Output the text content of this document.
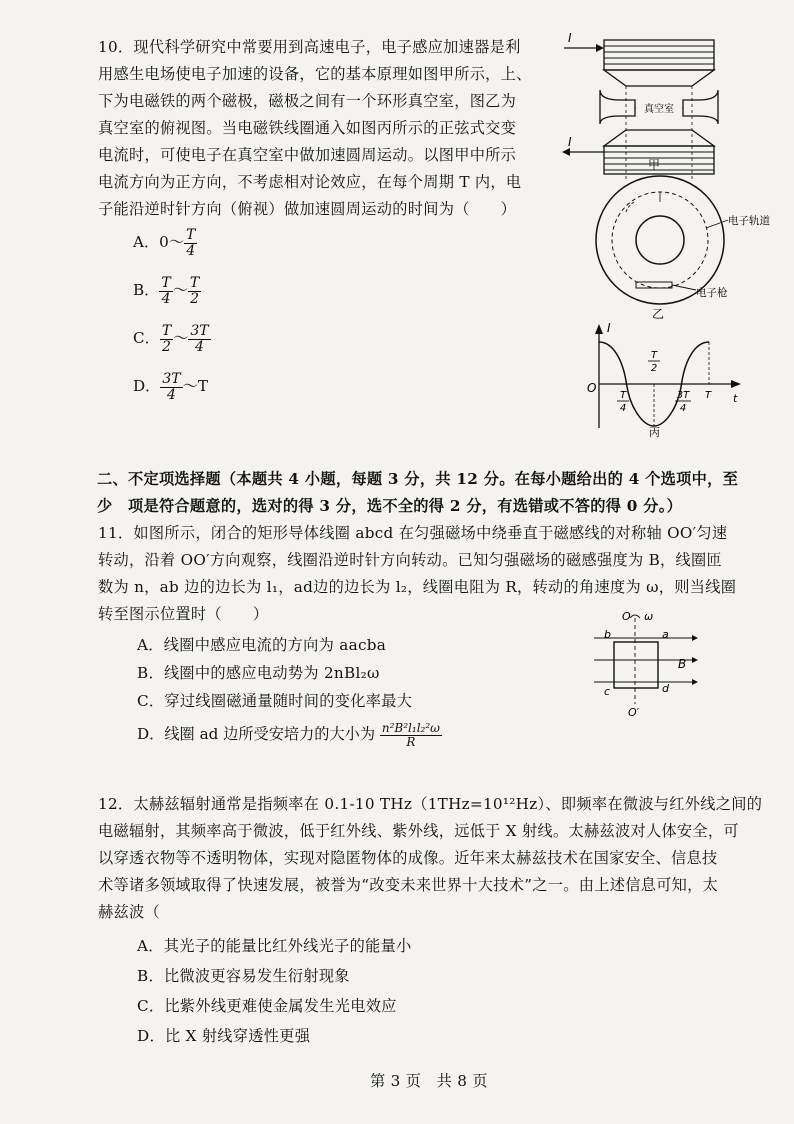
10．现代科学研究中常要用到高速电子，电子感应加速器是利
用感生电场使电子加速的设备，它的基本原理如图甲所示，上、
下为电磁铁的两个磁极，磁极之间有一个环形真空室，图乙为
真空室的俯视图。当电磁铁线圈通入如图丙所示的正弦式交变
电流时，可使电子在真空室中做加速圆周运动。以图甲中所示
电流方向为正方向，不考虑相对论效应，在每个周期 T 内，电
子能沿逆时针方向（俯视）做加速圆周运动的时间为（　　）
A．0～ $\frac{T}{4}$
B． $\frac{T}{4}$ ～ $\frac{T}{2}$
C． $\frac{T}{2}$ ～ $\frac{3T}{4}$
D． $\frac{3T}{4}$ ～T
I
真空室
I
甲
电子轨道
电子枪
乙
I
O
t
T
2
T
4
3T
4
T
丙
二、不定项选择题（本题共 4 小题，每题 3 分，共 12 分。在每小题给出的 4 个选项中，至
少　项是符合题意的，选对的得 3 分，选不全的得 2 分，有选错或不答的得 0 分。）
11．如图所示，闭合的矩形导体线圈 abcd 在匀强磁场中绕垂直于磁感线的对称轴 OO′匀速
转动，沿着 OO′方向观察，线圈沿逆时针方向转动。已知匀强磁场的磁感强度为 B，线圈匝
数为 n，ab 边的边长为 l₁，ad边的边长为 l₂，线圈电阻为 R，转动的角速度为 ω，则当线圈
转至图示位置时（　　）
A．线圈中感应电流的方向为 aacba
B．线圈中的感应电动势为 2nBl₂ω
C．穿过线圈磁通量随时间的变化率最大
D．线圈 ad 边所受安培力的大小为 $\frac{\text{n²B²l₁l₂²ω}}{R}$
O ω
b	a
B
c	d
O′
12．太赫兹辐射通常是指频率在 0.1-10 THz（1THz=10¹²Hz）、即频率在微波与红外线之间的
电磁辐射，其频率高于微波，低于红外线、紫外线，远低于 X 射线。太赫兹波对人体安全，可
以穿透衣物等不透明物体，实现对隐匿物体的成像。近年来太赫兹技术在国家安全、信息技
术等诸多领域取得了快速发展，被誉为“改变未来世界十大技术”之一。由上述信息可知，太
赫兹波（
A．其光子的能量比红外线光子的能量小
B．比微波更容易发生衍射现象
C．比紫外线更难使金属发生光电效应
D．比 X 射线穿透性更强
第 3 页　共 8 页
